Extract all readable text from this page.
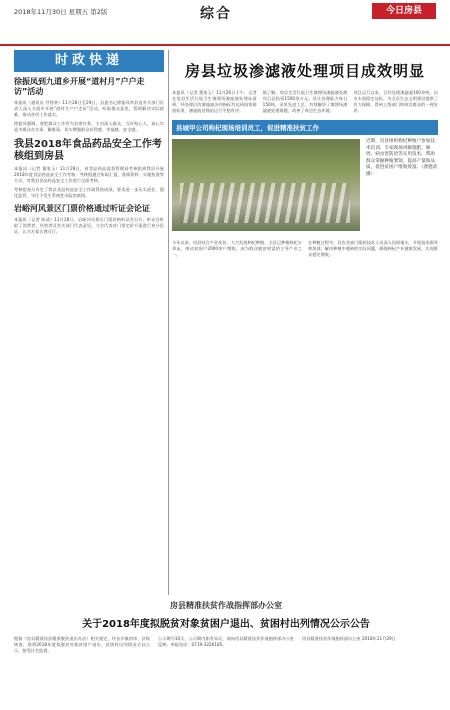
2018年11月30日 星期五 第2版	综合	今日房县
时政快递
徐振凤到九道乡开展“道村月”户户走访”活动
本报讯（通讯员 付智豪）11月28日至29日，县委书记徐振凤率县直有关部门负责人深入九道乡开展“道村月户户走访”活动，听取群众意见，帮助解决实际困难，推动各项工作落实。
徐振凤强调，要把群众工作作为首要任务，主动深入群众，当好贴心人，真心实意为群众办实事、解难事，切实增强群众获得感、幸福感、安全感。
我县2018年食品药品安全工作考核组到房县
本报讯（记者 董家玉）11月28日，省食品药品监督管理局考核组到我县开展2018年度食品药品安全工作考核。考核组通过听取汇报、查阅资料、实地检查等方式，对我县食品药品安全工作进行全面考核。
考核组充分肯定了我县食品药品安全工作取得的成绩，要求进一步压实责任，强化监管，守住不发生系统性风险的底线。
岩峪河风景区门票价格通过听证会论证
本报讯（记者 陈清）11月28日，岩峪河风景区门票价格听证会召开。听证会听取了消费者、经营者及有关部门代表意见，与会代表对门票定价方案进行充分论证，认为方案合理可行。
房县垃圾渗滤液处理项目成效明显
本报讯（记者 董家玉）11月26日下午，记者在房县生活垃圾卫生填埋场渗滤液处理站看到，经处理后的渗滤液各项指标均达到国家排放标准，渗滤液处理站运行平稳有序。
据了解，房县生活垃圾卫生填埋场渗滤液处理项目总投资1500余万元，设计处理能力每日150吨，采用先进工艺，有效解决了填埋场渗滤液处理难题，改善了周边生态环境。
项目运行以来，日均处理渗滤液100余吨，出水水质稳定达标，为全县生态文明建设提供了有力保障，得到上级部门和周边群众的一致好评。
县城甲公司枸杞现场培训员工，促进精准扶贫工作
近期，房县组织枸杞种植户参加技术培训，专家现场讲解施肥、修剪、病虫害防治等实用技术，帮助群众掌握种植要领，提高产量和品质，促进贫困户增收致富。（龚德武 摄）
今年以来，房县结合产业扶贫，大力发展枸杞种植，全县已种植枸杞万余亩，带动贫困户2000余户增收，成为群众脱贫致富的主导产业之一。
在种植过程中，县农业部门组织技术人员深入田间地头，开展技术指导和培训，解决种植中遇到的实际问题，确保枸杞产业健康发展，实现群众稳定增收。
房县精准扶贫作战指挥部办公室
关于2018年度拟脱贫对象贫困户退出、贫困村出列情况公示公告
根据《房县精准扶贫精准脱贫退出办法》相关规定，经各乡镇初审、县级核查，现将2018年度拟脱贫对象贫困户退出、贫困村出列情况予以公示，接受社会监督。
公示期为10天，公示期内如有异议，请向房县精准扶贫作战指挥部办公室反映。举报电话：0719-3226185。
房县精准扶贫作战指挥部办公室 2018年11月29日
